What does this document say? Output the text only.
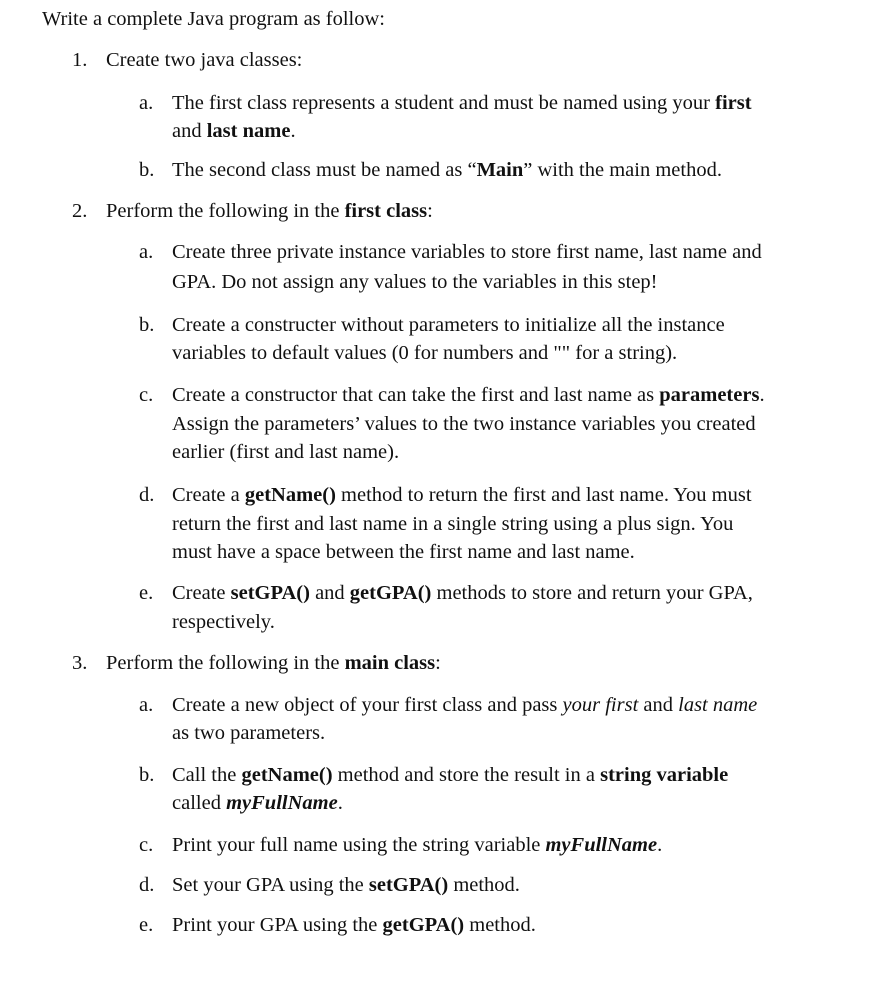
Write a complete Java program as follow:
1. Create two java classes:
a. The first class represents a student and must be named using your first
and last name.
b. The second class must be named as “Main” with the main method.
2. Perform the following in the first class:
a. Create three private instance variables to store first name, last name and
GPA. Do not assign any values to the variables in this step!
b. Create a constructer without parameters to initialize all the instance
variables to default values (0 for numbers and "" for a string).
c. Create a constructor that can take the first and last name as parameters.
Assign the parameters’ values to the two instance variables you created
earlier (first and last name).
d. Create a getName() method to return the first and last name. You must
return the first and last name in a single string using a plus sign. You
must have a space between the first name and last name.
e. Create setGPA() and getGPA() methods to store and return your GPA,
respectively.
3. Perform the following in the main class:
a. Create a new object of your first class and pass your first and last name
as two parameters.
b. Call the getName() method and store the result in a string variable
called myFullName.
c. Print your full name using the string variable myFullName.
d. Set your GPA using the setGPA() method.
e. Print your GPA using the getGPA() method.
